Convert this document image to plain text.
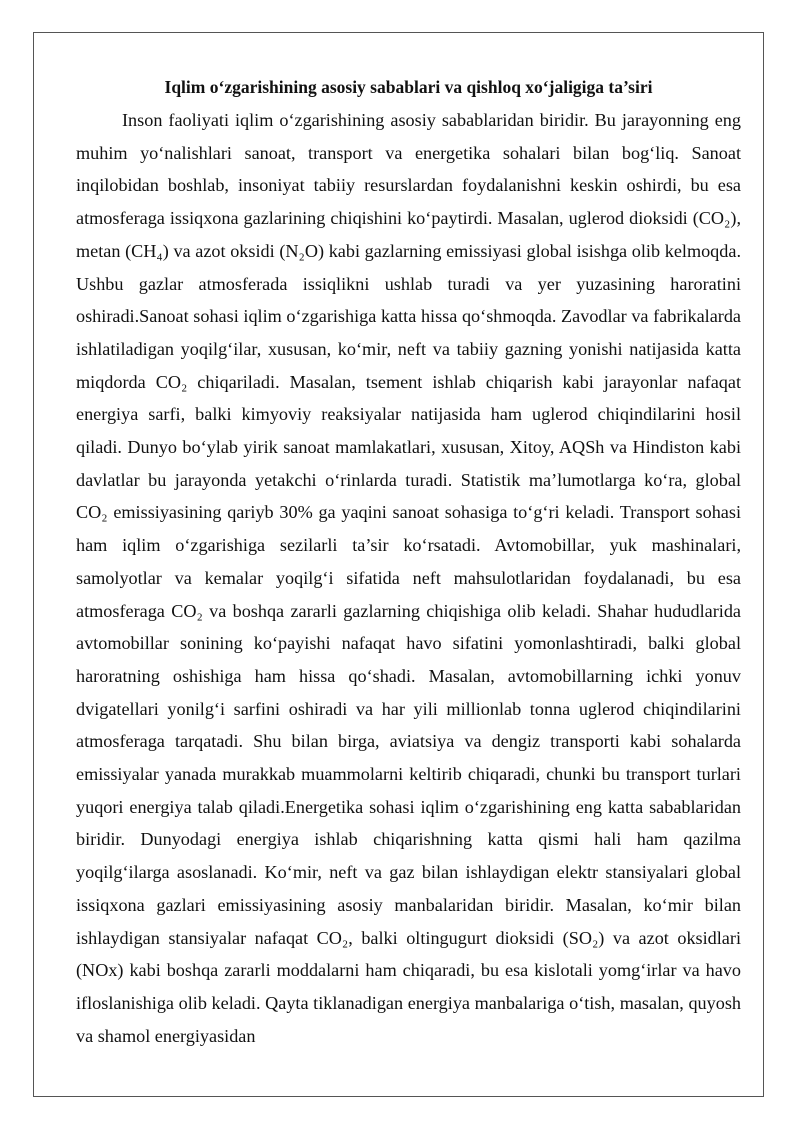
Iqlim o‘zgarishining asosiy sabablari va qishloq xo‘jaligiga ta’siri

Inson faoliyati iqlim o‘zgarishining asosiy sabablaridan biridir. Bu jarayonning eng muhim yo‘nalishlari sanoat, transport va energetika sohalari bilan bog‘liq. Sanoat inqilobidan boshlab, insoniyat tabiiy resurslardan foydalanishni keskin oshirdi, bu esa atmosferaga issiqxona gazlarining chiqishini ko‘paytirdi. Masalan, uglerod dioksidi (CO₂), metan (CH₄) va azot oksidi (N₂O) kabi gazlarning emissiyasi global isishga olib kelmoqda. Ushbu gazlar atmosferada issiqlikni ushlab turadi va yer yuzasining haroratini oshiradi.Sanoat sohasi iqlim o‘zgarishiga katta hissa qo‘shmoqda. Zavodlar va fabrikalarda ishlatiladigan yoqilg‘ilar, xususan, ko‘mir, neft va tabiiy gazning yonishi natijasida katta miqdorda CO₂ chiqariladi. Masalan, tsement ishlab chiqarish kabi jarayonlar nafaqat energiya sarfi, balki kimyoviy reaksiyalar natijasida ham uglerod chiqindilarini hosil qiladi. Dunyo bo‘ylab yirik sanoat mamlakatlari, xususan, Xitoy, AQSh va Hindiston kabi davlatlar bu jarayonda yetakchi o‘rinlarda turadi. Statistik ma’lumotlarga ko‘ra, global CO₂ emissiyasining qariyb 30% ga yaqini sanoat sohasiga to‘g‘ri keladi. Transport sohasi ham iqlim o‘zgarishiga sezilarli ta’sir ko‘rsatadi. Avtomobillar, yuk mashinalari, samolyotlar va kemalar yoqilg‘i sifatida neft mahsulotlaridan foydalanadi, bu esa atmosferaga CO₂ va boshqa zararli gazlarning chiqishiga olib keladi. Shahar hududlarida avtomobillar sonining ko‘payishi nafaqat havo sifatini yomonlashtiradi, balki global haroratning oshishiga ham hissa qo‘shadi. Masalan, avtomobillarning ichki yonuv dvigatellari yonilg‘i sarfini oshiradi va har yili millionlab tonna uglerod chiqindilarini atmosferaga tarqatadi. Shu bilan birga, aviatsiya va dengiz transporti kabi sohalarda emissiyalar yanada murakkab muammolarni keltirib chiqaradi, chunki bu transport turlari yuqori energiya talab qiladi.Energetika sohasi iqlim o‘zgarishining eng katta sabablaridan biridir. Dunyodagi energiya ishlab chiqarishning katta qismi hali ham qazilma yoqilg‘ilarga asoslanadi. Ko‘mir, neft va gaz bilan ishlaydigan elektr stansiyalari global issiqxona gazlari emissiyasining asosiy manbalaridan biridir. Masalan, ko‘mir bilan ishlaydigan stansiyalar nafaqat CO₂, balki oltingugurt dioksidi (SO₂) va azot oksidlari (NOx) kabi boshqa zararli moddalarni ham chiqaradi, bu esa kislotali yomg‘irlar va havo ifloslanishiga olib keladi. Qayta tiklanadigan energiya manbalariga o‘tish, masalan, quyosh va shamol energiyasidan
